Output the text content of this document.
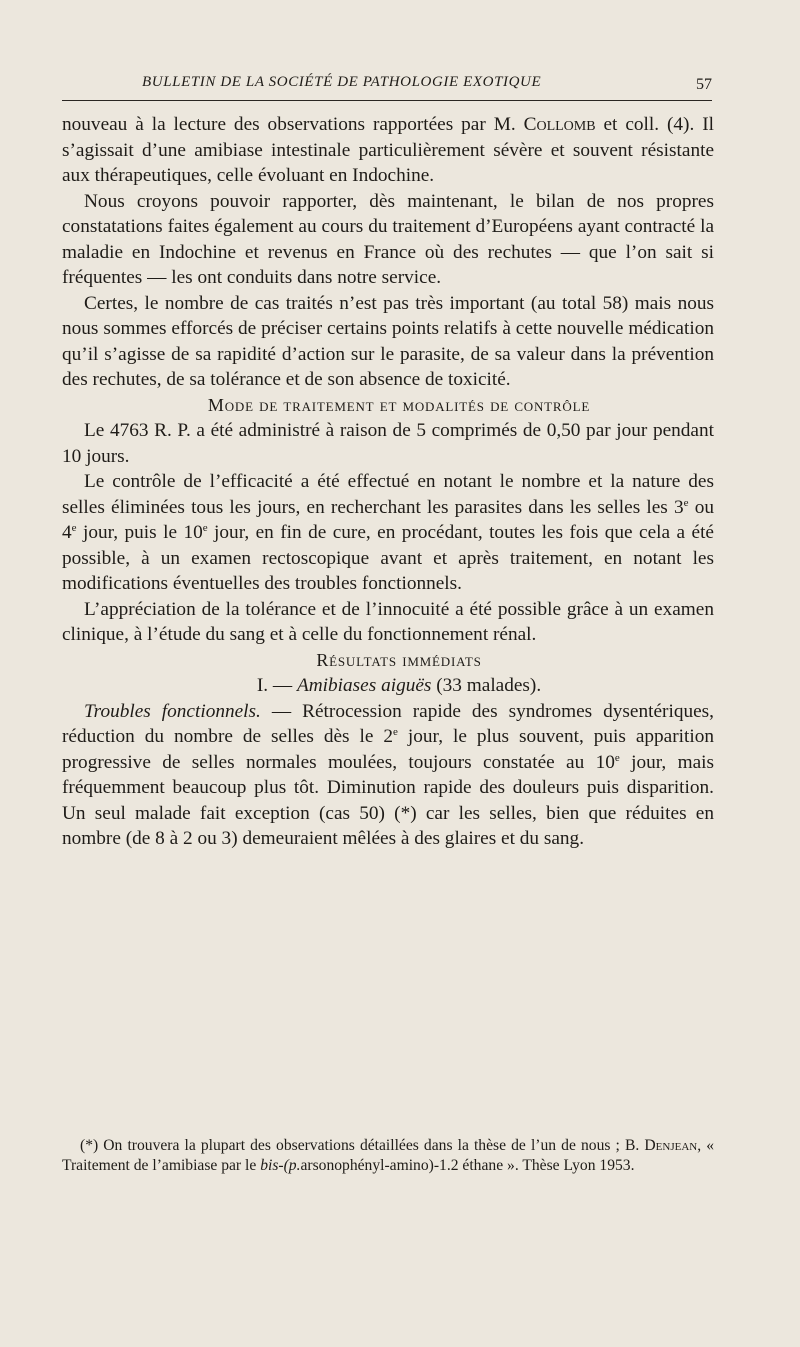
BULLETIN DE LA SOCIÉTÉ DE PATHOLOGIE EXOTIQUE	57

nouveau à la lecture des observations rapportées par M. Collomb et coll. (4). Il s’agissait d’une amibiase intestinale particulièrement sévère et souvent résistante aux thérapeutiques, celle évoluant en Indochine.

Nous croyons pouvoir rapporter, dès maintenant, le bilan de nos propres constatations faites également au cours du traitement d’Européens ayant contracté la maladie en Indochine et revenus en France où des rechutes — que l’on sait si fréquentes — les ont conduits dans notre service.

Certes, le nombre de cas traités n’est pas très important (au total 58) mais nous nous sommes efforcés de préciser certains points relatifs à cette nouvelle médication qu’il s’agisse de sa rapidité d’action sur le parasite, de sa valeur dans la prévention des rechutes, de sa tolérance et de son absence de toxicité.

Mode de traitement et modalités de contrôle

Le 4763 R. P. a été administré à raison de 5 comprimés de 0,50 par jour pendant 10 jours.

Le contrôle de l’efficacité a été effectué en notant le nombre et la nature des selles éliminées tous les jours, en recherchant les parasites dans les selles les 3e ou 4e jour, puis le 10e jour, en fin de cure, en procédant, toutes les fois que cela a été possible, à un examen rectoscopique avant et après traitement, en notant les modifications éventuelles des troubles fonctionnels.

L’appréciation de la tolérance et de l’innocuité a été possible grâce à un examen clinique, à l’étude du sang et à celle du fonctionnement rénal.

Résultats immédiats

I. — Amibiases aiguës (33 malades).

Troubles fonctionnels. — Rétrocession rapide des syndromes dysentériques, réduction du nombre de selles dès le 2e jour, le plus souvent, puis apparition progressive de selles normales moulées, toujours constatée au 10e jour, mais fréquemment beaucoup plus tôt. Diminution rapide des douleurs puis disparition. Un seul malade fait exception (cas 50) (*) car les selles, bien que réduites en nombre (de 8 à 2 ou 3) demeuraient mêlées à des glaires et du sang.

(*) On trouvera la plupart des observations détaillées dans la thèse de l’un de nous ; B. Denjean, « Traitement de l’amibiase par le bis-(p.arsonophényl-amino)-1.2 éthane ». Thèse Lyon 1953.
